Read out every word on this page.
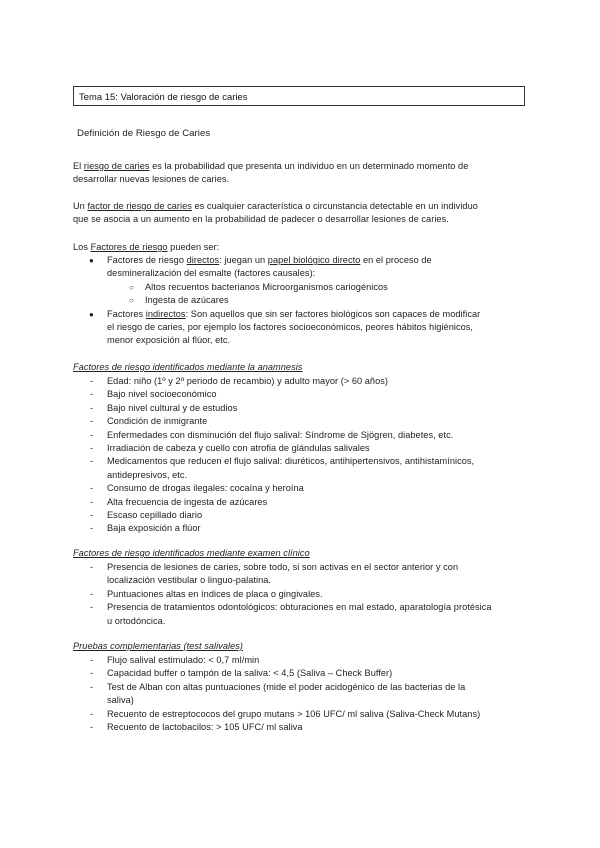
Tema 15: Valoración de riesgo de caries
Definición de Riesgo de Caries
El riesgo de caries es la probabilidad que presenta un individuo en un determinado momento de
desarrollar nuevas lesiones de caries.
Un factor de riesgo de caries es cualquier característica o circunstancia detectable en un individuo
que se asocia a un aumento en la probabilidad de padecer o desarrollar lesiones de caries.
Los Factores de riesgo pueden ser:
● Factores de riesgo directos: juegan un papel biológico directo en el proceso de
desmineralización del esmalte (factores causales):
○ Altos recuentos bacterianos Microorganismos cariogénicos
○ Ingesta de azúcares
● Factores indirectos: Son aquellos que sin ser factores biológicos son capaces de modificar
el riesgo de caries, por ejemplo los factores socioeconómicos, peores hábitos higiénicos,
menor exposición al flúor, etc.
Factores de riesgo identificados mediante la anamnesis
- Edad: niño (1º y 2º periodo de recambio) y adulto mayor (> 60 años)
- Bajo nivel socioeconómico
- Bajo nivel cultural y de estudios
- Condición de inmigrante
- Enfermedades con disminución del flujo salival: Síndrome de Sjögren, diabetes, etc.
- Irradiación de cabeza y cuello con atrofia de glándulas salivales
- Medicamentos que reducen el flujo salival: diuréticos, antihipertensivos, antihistamínicos,
antidepresivos, etc.
- Consumo de drogas ilegales: cocaína y heroína
- Alta frecuencia de ingesta de azúcares
- Escaso cepillado diario
- Baja exposición a flúor
Factores de riesgo identificados mediante examen clínico
- Presencia de lesiones de caries, sobre todo, si son activas en el sector anterior y con
localización vestibular o linguo-palatina.
- Puntuaciones altas en índices de placa o gingivales.
- Presencia de tratamientos odontológicos: obturaciones en mal estado, aparatología protésica
u ortodóncica.
Pruebas complementarias (test salivales)
- Flujo salival estimulado: < 0,7 ml/min
- Capacidad buffer o tampón de la saliva: < 4,5 (Saliva – Check Buffer)
- Test de Alban con altas puntuaciones (mide el poder acidogénico de las bacterias de la
saliva)
- Recuento de estreptococos del grupo mutans > 106 UFC/ ml saliva (Saliva-Check Mutans)
- Recuento de lactobacilos: > 105 UFC/ ml saliva
